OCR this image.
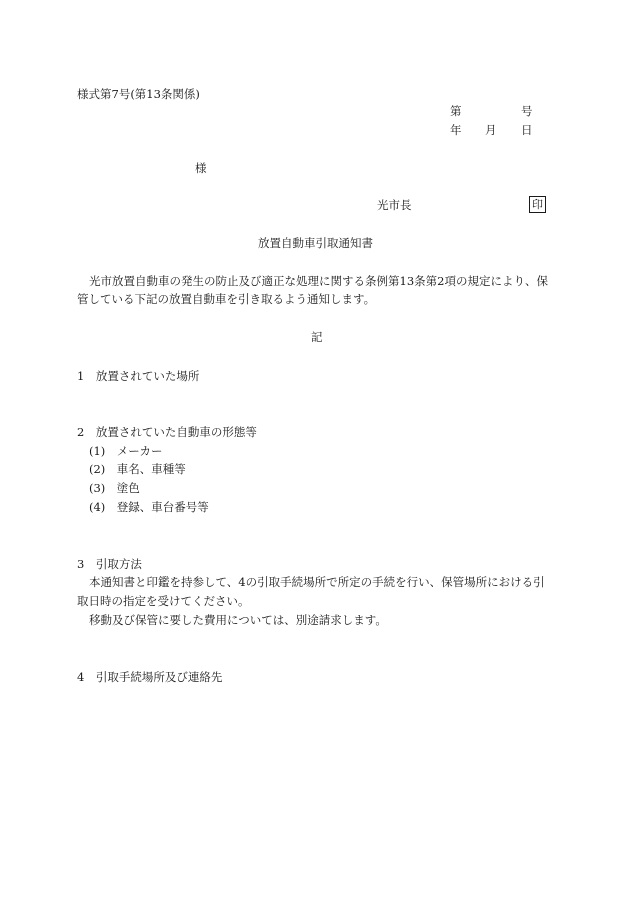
様式第7号(第13条関係)
第	号
年 月 日
様
光市長	印
放置自動車引取通知書
光市放置自動車の発生の防止及び適正な処理に関する条例第13条第2項の規定により、保
管している下記の放置自動車を引き取るよう通知します。
記
1　放置されていた場所
2　放置されていた自動車の形態等
(1)　メーカー
(2)　車名、車種等
(3)　塗色
(4)　登録、車台番号等
3　引取方法
本通知書と印鑑を持参して、4の引取手続場所で所定の手続を行い、保管場所における引
取日時の指定を受けてください。
移動及び保管に要した費用については、別途請求します。
4　引取手続場所及び連絡先
